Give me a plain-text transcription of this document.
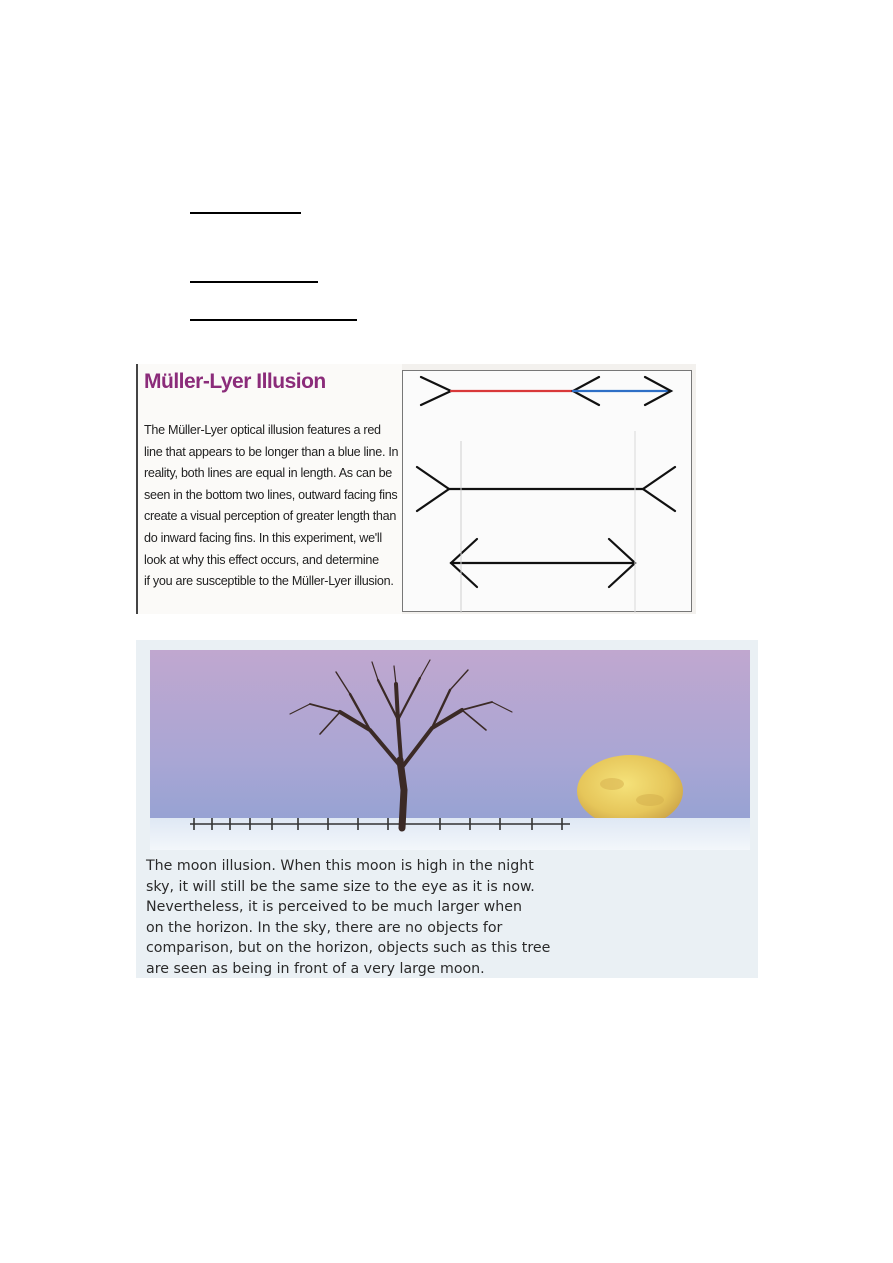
Müller-Lyer Illusion

The Müller-Lyer optical illusion features a red

line that appears to be longer than a blue line. In

reality, both lines are equal in length. As can be

seen in the bottom two lines, outward facing fins

create a visual perception of greater length than

do inward facing fins. In this experiment, we'll

look at why this effect occurs, and determine

if you are susceptible to the Müller-Lyer illusion.

The moon illusion. When this moon is high in the night

sky, it will still be the same size to the eye as it is now.

Nevertheless, it is perceived to be much larger when

on the horizon. In the sky, there are no objects for

comparison, but on the horizon, objects such as this tree

are seen as being in front of a very large moon.
